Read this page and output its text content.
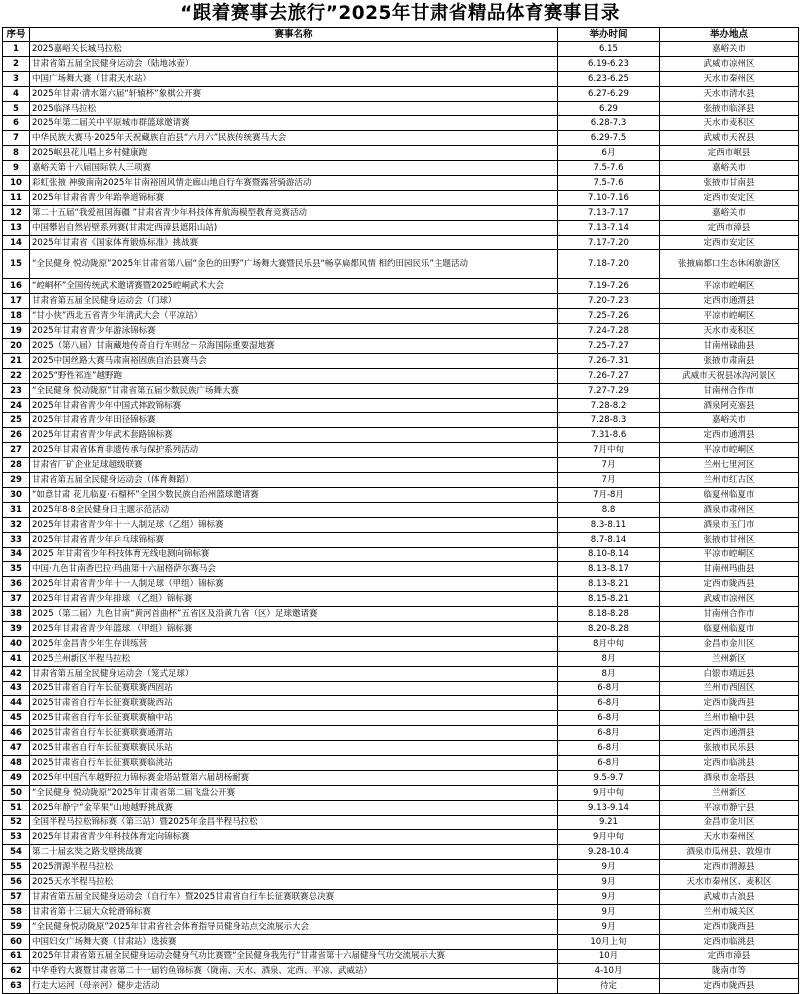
“跟着赛事去旅行”2025年甘肃省精品体育赛事目录
序号	赛事名称	举办时间	举办地点
1	2025嘉峪关长城马拉松	6.15	嘉峪关市
2	甘肃省第五届全民健身运动会（陆地冰壶）	6.19-6.23	武威市凉州区
3	中国广场舞大赛（甘肃天水站）	6.23-6.25	天水市秦州区
4	2025年甘肃·清水第六届“轩辕杯”象棋公开赛	6.27-6.29	天水市清水县
5	2025临泽马拉松	6.29	张掖市临泽县
6	2025年第二届关中平原城市群篮球邀请赛	6.28-7.3	天水市麦积区
7	中华民族大赛马·2025年天祝藏族自治县“六月六”民族传统赛马大会	6.29-7.5	武威市天祝县
8	2025岷县花儿唱上乡村健康跑	6月	定西市岷县
9	嘉峪关第十六届国际铁人三项赛	7.5-7.6	嘉峪关市
10	彩虹张掖 神骏南南2025年甘南裕固风情走廊山地自行车赛暨露营骑游活动	7.5-7.6	张掖市甘南县
11	2025年甘肃省青少年跆拳道锦标赛	7.10-7.16	定西市安定区
12	第二十五届“我爱祖国海疆 ”甘肃省青少年科技体育航海模型教育竞赛活动	7.13-7.17	嘉峪关市
13	中国攀岩自然岩壁系列赛(甘肃定西漳县遮阳山站)	7.13-7.14	定西市漳县
14	2025年甘肃省《国家体育锻炼标准》挑战赛	7.17-7.20	定西市安定区
15	“全民健身 悦动陇原”2025年甘肃省第八届“金色的田野”广场舞大赛暨民乐县“畅享扁都风情 相约田园民乐”主题活动	7.18-7.20	张掖扁都口生态休闲旅游区
16	“崆峒杯”全国传统武术邀请赛暨2025崆峒武术大会	7.19-7.26	平凉市崆峒区
17	甘肃省第五届全民健身运动会（门球）	7.20-7.23	定西市通渭县
18	“甘小侠”西北五省青少年清武大会（平凉站）	7.25-7.26	平凉市崆峒区
19	2025年甘肃省青少年游泳锦标赛	7.24-7.28	天水市麦积区
20	2025（第八届）甘南藏地传奇自行车则岔－尕海国际重要湿地赛	7.25-7.27	甘南州碌曲县
21	2025中国丝路大赛马肃南裕固族自治县赛马会	7.26-7.31	张掖市肃南县
22	2025“野性祁连”越野跑	7.26-7.27	武威市天祝县冰沟河景区
23	“全民健身 悦动陇原”甘肃省第五届少数民族广场舞大赛	7.27-7.29	甘南州合作市
24	2025年甘肃省青少年中国式摔跤锦标赛	7.28-8.2	酒泉阿克塞县
25	2025年甘肃省青少年田径锦标赛	7.28-8.3	嘉峪关市
26	2025年甘肃省青少年武术套路锦标赛	7.31-8.6	定西市通渭县
27	2025年甘肃省体育非遗传承与保护系列活动	7月中旬	平凉市崆峒区
28	甘肃省厂矿企业足球超级联赛	7月	兰州七里河区
29	甘肃省第五届全民健身运动会（体育舞蹈）	7月	兰州市红古区
30	“如意甘肃 花儿临夏·石榴杯”全国少数民族自治州篮球邀请赛	7月-8月	临夏州临夏市
31	2025年8·8全民健身日主题示范活动	8.8	酒泉市肃州区
32	2025年甘肃省青少年十一人制足球（乙组）锦标赛	8.3-8.11	酒泉市玉门市
33	2025年甘肃省青少年乒乓球锦标赛	8.7-8.14	张掖市甘州区
34	2025 年甘肃省少年科技体育无线电测向锦标赛	8.10-8.14	平凉市崆峒区
35	中国·九色甘南香巴拉·玛曲第十六届格萨尔赛马会	8.13-8.17	甘南州玛曲县
36	2025年甘肃省青少年十一人制足球（甲组）锦标赛	8.13-8.21	定西市陇西县
37	2025年甘肃省青少年排球 （乙组）锦标赛	8.15-8.21	武威市凉州区
38	2025（第二届）九色甘南“黄河首曲杯”五省区及沿黄九省（区）足球邀请赛	8.18-8.28	甘南州合作市
39	2025年甘肃省青少年篮球 （甲组）锦标赛	8.20-8.28	临夏州临夏市
40	2025年金昌青少年生存训练营	8月中旬	金昌市金川区
41	2025兰州新区半程马拉松	8月	兰州新区
42	甘肃省第五届全民健身运动会（笼式足球）	8月	白银市靖远县
43	2025甘肃省自行车长征赛联赛西固站	6-8月	兰州市西固区
44	2025甘肃省自行车长征赛联赛陇西站	6-8月	定西市陇西县
45	2025甘肃省自行车长征赛联赛榆中站	6-8月	兰州市榆中县
46	2025甘肃省自行车长征赛联赛通渭站	6-8月	定西市通渭县
47	2025甘肃省自行车长征赛联赛民乐站	6-8月	张掖市民乐县
48	2025甘肃省自行车长征赛联赛临洮站	6-8月	定西市临洮县
49	2025年中国汽车越野拉力锦标赛金塔站暨第六届胡杨耐赛	9.5-9.7	酒泉市金塔县
50	“全民健身 悦动陇原”2025年甘肃省第二届飞盘公开赛	9月中旬	兰州新区
51	2025年静宁“金苹果”山地越野挑战赛	9.13-9.14	平凉市静宁县
52	全国半程马拉松锦标赛（第三站）暨2025年金昌半程马拉松	9.21	金昌市金川区
53	2025年甘肃省青少年科技体育定向锦标赛	9月中旬	天水市秦州区
54	第二十届玄奘之路戈壁挑战赛	9.28-10.4	酒泉市瓜州县、敦煌市
55	2025渭源半程马拉松	9月	定西市渭源县
56	2025天水半程马拉松	9月	天水市秦州区、麦积区
57	甘肃省第五届全民健身运动会（自行车）暨2025甘肃省自行车长征赛联赛总决赛	9月	武威市古浪县
58	甘肃省第十三届大众轮滑锦标赛	9月	兰州市城关区
59	“全民健身悦动陇原”2025年甘肃省社会体育指导员健身站点交流展示大会	9月	定西市陇西县
60	中国妇女广场舞大赛（甘肃站）选拔赛	10月上旬	定西市临洮县
61	2025年甘肃省第五届全民健身运动会健身气功比赛暨“全民健身我先行”甘肃省第十六届健身气功交流展示大赛	10月	定西市漳县
62	中华垂钓大赛暨甘肃省第二十一届钓鱼锦标赛（陇南、天水、酒泉、定西、平凉、武威站）	4-10月	陇南市等
63	行走大运河（母亲河）健步走活动	待定	定西市陇西县
